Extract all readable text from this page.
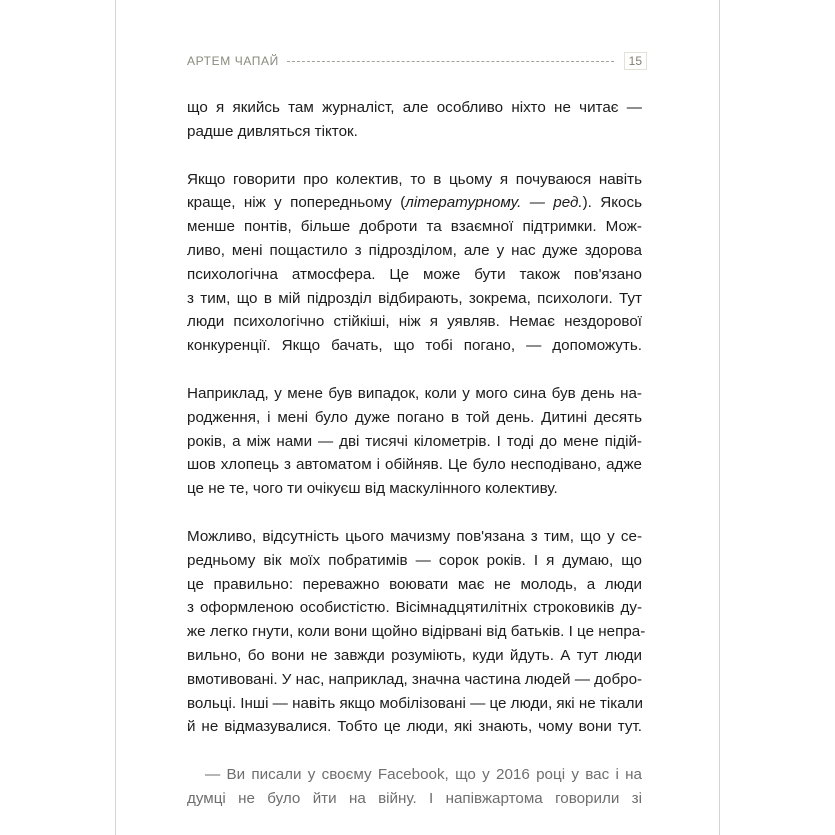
АРТЕМ ЧАПАЙ	15
що я якийсь там журналіст, але особливо ніхто не читає —
радше дивляться тікток.
Якщо говорити про колектив, то в цьому я почуваюся навіть
краще, ніж у попередньому (літературному. — ред.). Якось
менше понтів, більше доброти та взаємної підтримки. Мож-
ливо, мені пощастило з підрозділом, але у нас дуже здорова
психологічна атмосфера. Це може бути також пов'язано
з тим, що в мій підрозділ відбирають, зокрема, психологи. Тут
люди психологічно стійкіші, ніж я уявляв. Немає нездорової
конкуренції. Якщо бачать, що тобі погано, — допоможуть.
Наприклад, у мене був випадок, коли у мого сина був день на-
родження, і мені було дуже погано в той день. Дитині десять
років, а між нами — дві тисячі кілометрів. І тоді до мене підій-
шов хлопець з автоматом і обійняв. Це було несподівано, адже
це не те, чого ти очікуєш від маскулінного колективу.
Можливо, відсутність цього мачизму пов'язана з тим, що у се-
редньому вік моїх побратимів — сорок років. І я думаю, що
це правильно: переважно воювати має не молодь, а люди
з оформленою особистістю. Вісімнадцятилітніх строковиків ду-
же легко гнути, коли вони щойно відірвані від батьків. І це непра-
вильно, бо вони не завжди розуміють, куди йдуть. А тут люди
вмотивовані. У нас, наприклад, значна частина людей — добро-
вольці. Інші — навіть якщо мобілізовані — це люди, які не тікали
й не відмазувалися. Тобто це люди, які знають, чому вони тут.
— Ви писали у своєму Facebook, що у 2016 році у вас і на
думці не було йти на війну. І напівжартома говорили зі
